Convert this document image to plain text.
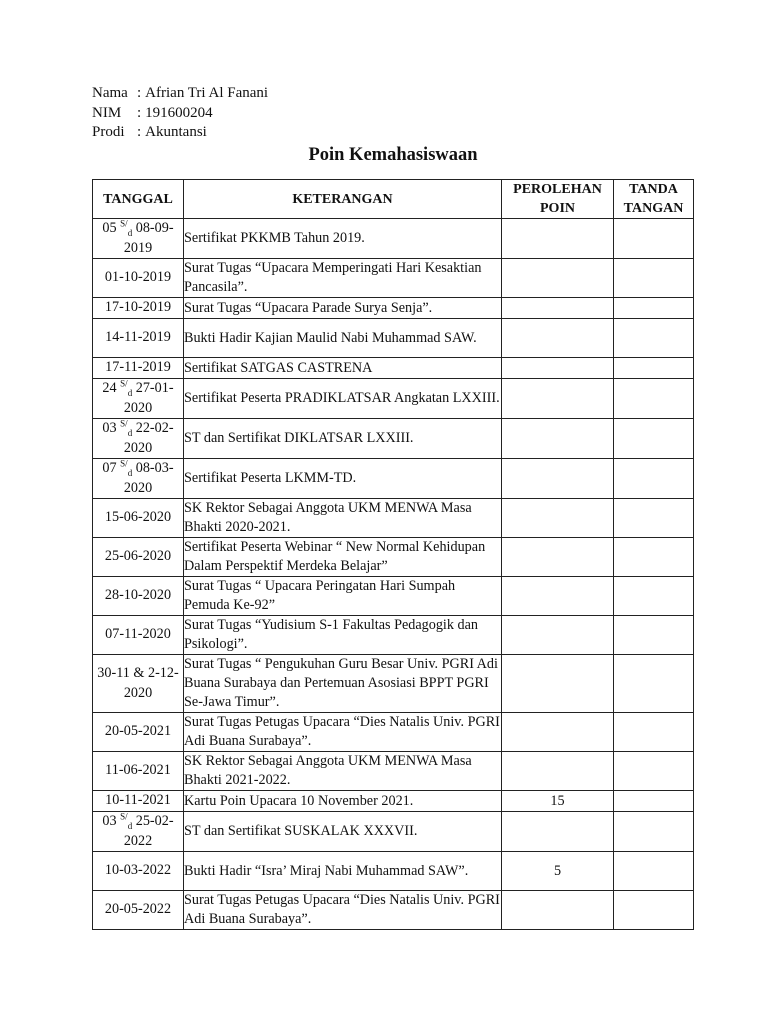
Nama : Afrian Tri Al Fanani
NIM	: 191600204
Prodi : Akuntansi
Poin Kemahasiswaan
TANGGAL	KETERANGAN	PEROLEHAN POIN	TANDA TANGAN
05 $^{S/}_d$ 08-09-2019	Sertifikat PKKMB Tahun 2019.		
01-10-2019	Surat Tugas “Upacara Memperingati Hari Kesaktian Pancasila”.		
17-10-2019	Surat Tugas “Upacara Parade Surya Senja”.		
14-11-2019	Bukti Hadir Kajian Maulid Nabi Muhammad SAW.		
17-11-2019	Sertifikat SATGAS CASTRENA		
24 $^{S/}_d$ 27-01-2020	Sertifikat Peserta PRADIKLATSAR Angkatan LXXIII.		
03 $^{S/}_d$ 22-02-2020	ST dan Sertifikat DIKLATSAR LXXIII.		
07 $^{S/}_d$ 08-03-2020	Sertifikat Peserta LKMM-TD.		
15-06-2020	SK Rektor Sebagai Anggota UKM MENWA Masa Bhakti 2020-2021.		
25-06-2020	Sertifikat Peserta Webinar “ New Normal Kehidupan Dalam Perspektif Merdeka Belajar”		
28-10-2020	Surat Tugas “ Upacara Peringatan Hari Sumpah Pemuda Ke-92”		
07-11-2020	Surat Tugas “Yudisium S-1 Fakultas Pedagogik dan Psikologi”.		
30-11 & 2-12- 2020	Surat Tugas “ Pengukuhan Guru Besar Univ. PGRI Adi Buana Surabaya dan Pertemuan Asosiasi BPPT PGRI Se-Jawa Timur”.		
20-05-2021	Surat Tugas Petugas Upacara “Dies Natalis Univ. PGRI Adi Buana Surabaya”.		
11-06-2021	SK Rektor Sebagai Anggota UKM MENWA Masa Bhakti 2021-2022.		
10-11-2021	Kartu Poin Upacara 10 November 2021.	15	
03 $^{S/}_d$ 25-02-2022	ST dan Sertifikat SUSKALAK XXXVII.		
10-03-2022	Bukti Hadir “Isra’ Miraj Nabi Muhammad SAW”.	5	
20-05-2022	Surat Tugas Petugas Upacara “Dies Natalis Univ. PGRI Adi Buana Surabaya”.		
